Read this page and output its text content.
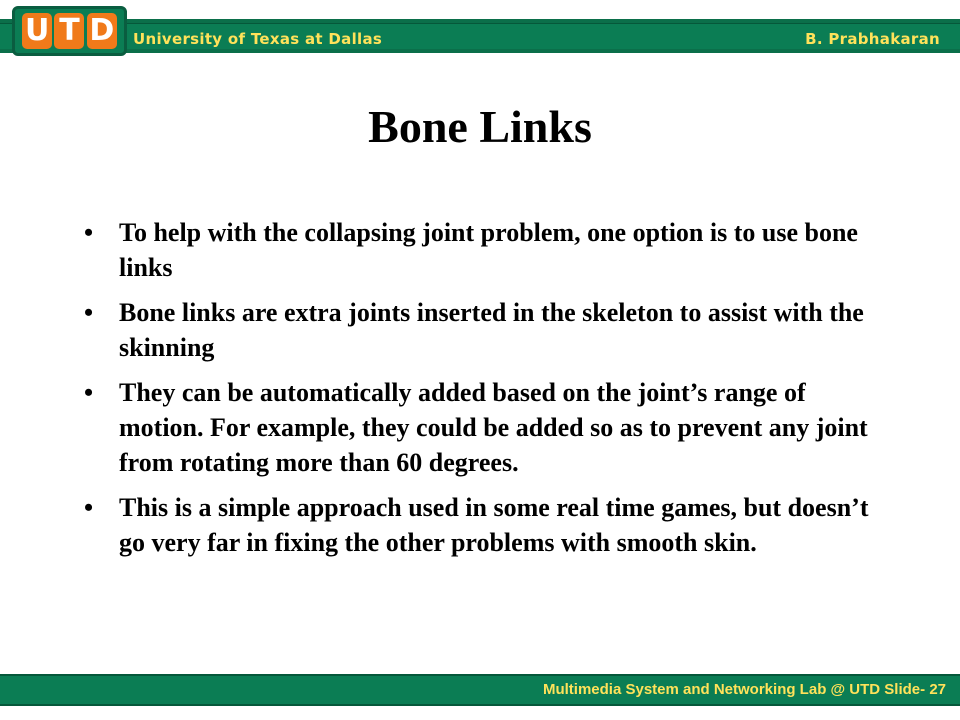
University of Texas at Dallas	B. Prabhakaran
U T D
Bone Links
• To help with the collapsing joint problem, one option is to use bone links
• Bone links are extra joints inserted in the skeleton to assist with the skinning
• They can be automatically added based on the joint’s range of motion. For example, they could be added so as to prevent any joint from rotating more than 60 degrees.
• This is a simple approach used in some real time games, but doesn’t go very far in fixing the other problems with smooth skin.
Multimedia System and Networking Lab @ UTD Slide- 27
